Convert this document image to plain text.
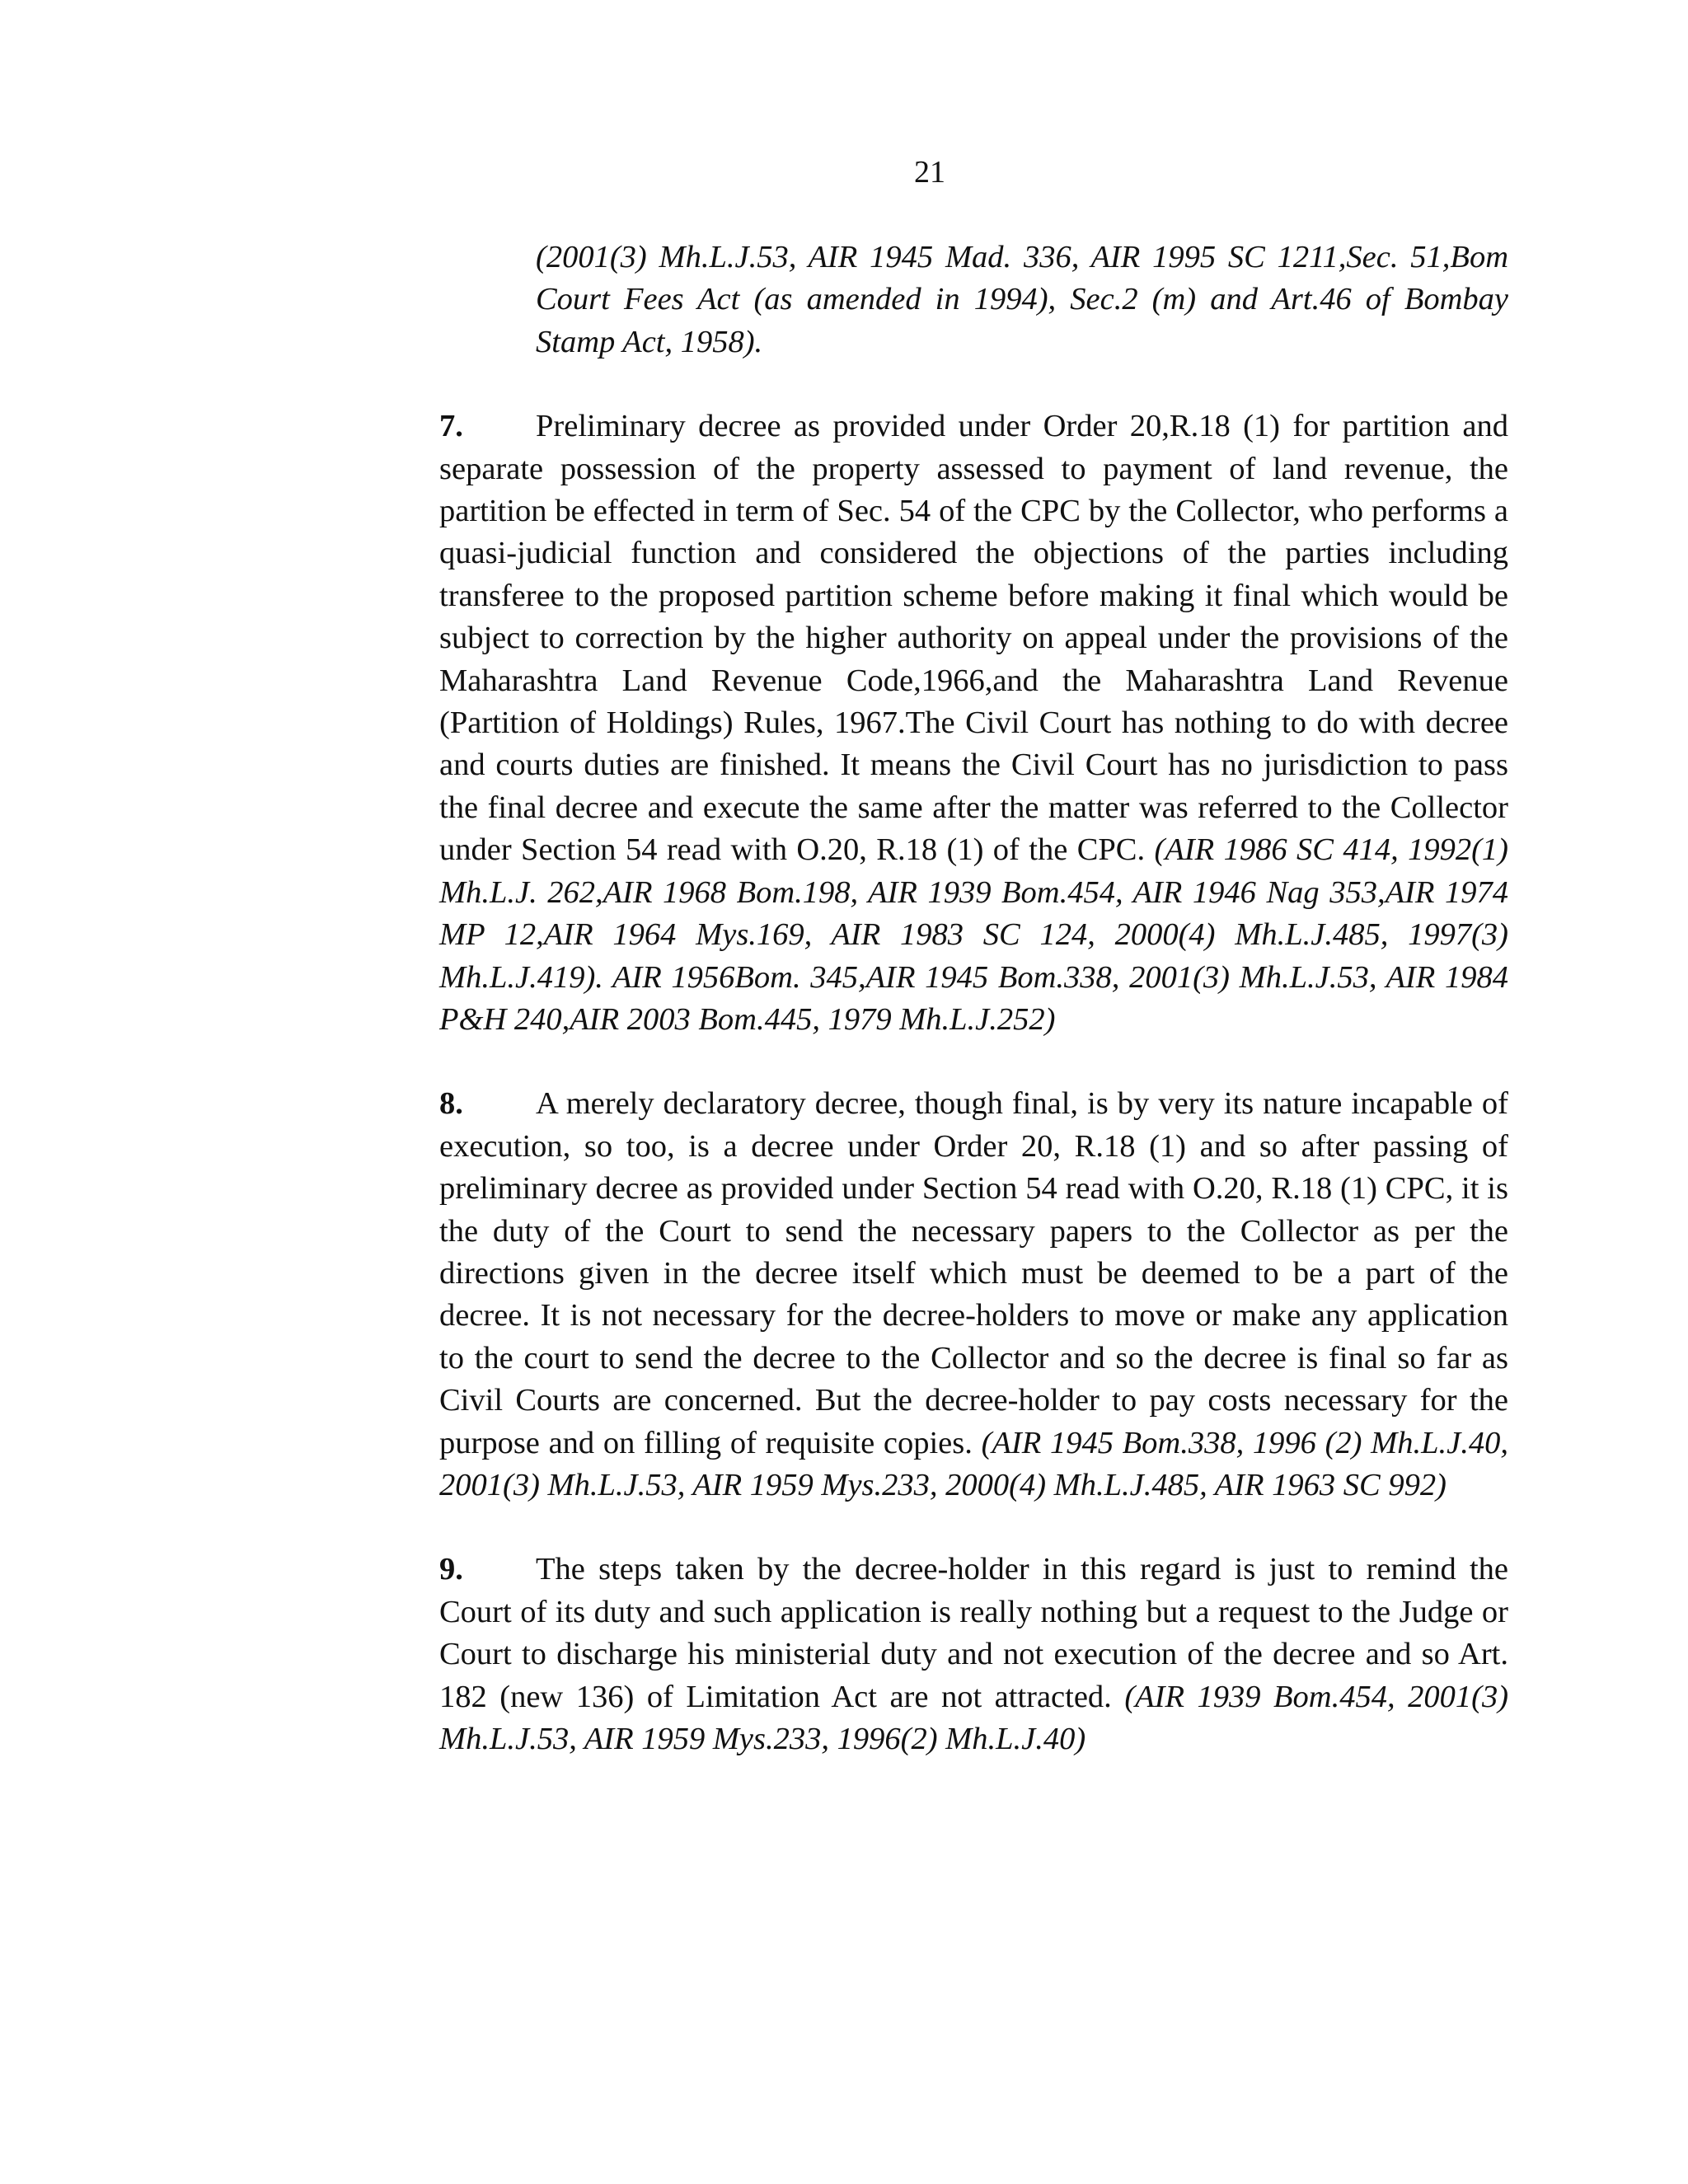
21

(2001(3) Mh.L.J.53, AIR 1945 Mad. 336, AIR 1995 SC 1211,Sec. 51,Bom Court Fees Act (as amended in 1994), Sec.2 (m) and Art.46 of Bombay Stamp Act, 1958).

7. Preliminary decree as provided under Order 20,R.18 (1) for partition and separate possession of the property assessed to payment of land revenue, the partition be effected in term of Sec. 54 of the CPC by the Collector, who performs a quasi-judicial function and considered the objections of the parties including transferee to the proposed partition scheme before making it final which would be subject to correction by the higher authority on appeal under the provisions of the Maharashtra Land Revenue Code,1966,and the Maharashtra Land Revenue (Partition of Holdings) Rules, 1967.The Civil Court has nothing to do with decree and courts duties are finished. It means the Civil Court has no jurisdiction to pass the final decree and execute the same after the matter was referred to the Collector under Section 54 read with O.20, R.18 (1) of the CPC. (AIR 1986 SC 414, 1992(1) Mh.L.J. 262,AIR 1968 Bom.198, AIR 1939 Bom.454, AIR 1946 Nag 353,AIR 1974 MP 12,AIR 1964 Mys.169, AIR 1983 SC 124, 2000(4) Mh.L.J.485, 1997(3) Mh.L.J.419). AIR 1956Bom. 345,AIR 1945 Bom.338, 2001(3) Mh.L.J.53, AIR 1984 P&H 240,AIR 2003 Bom.445, 1979 Mh.L.J.252)

8. A merely declaratory decree, though final, is by very its nature incapable of execution, so too, is a decree under Order 20, R.18 (1) and so after passing of preliminary decree as provided under Section 54 read with O.20, R.18 (1) CPC, it is the duty of the Court to send the necessary papers to the Collector as per the directions given in the decree itself which must be deemed to be a part of the decree. It is not necessary for the decree-holders to move or make any application to the court to send the decree to the Collector and so the decree is final so far as Civil Courts are concerned. But the decree-holder to pay costs necessary for the purpose and on filling of requisite copies. (AIR 1945 Bom.338, 1996 (2) Mh.L.J.40, 2001(3) Mh.L.J.53, AIR 1959 Mys.233, 2000(4) Mh.L.J.485, AIR 1963 SC 992)

9. The steps taken by the decree-holder in this regard is just to remind the Court of its duty and such application is really nothing but a request to the Judge or Court to discharge his ministerial duty and not execution of the decree and so Art. 182 (new 136) of Limitation Act are not attracted. (AIR 1939 Bom.454, 2001(3) Mh.L.J.53, AIR 1959 Mys.233, 1996(2) Mh.L.J.40)
